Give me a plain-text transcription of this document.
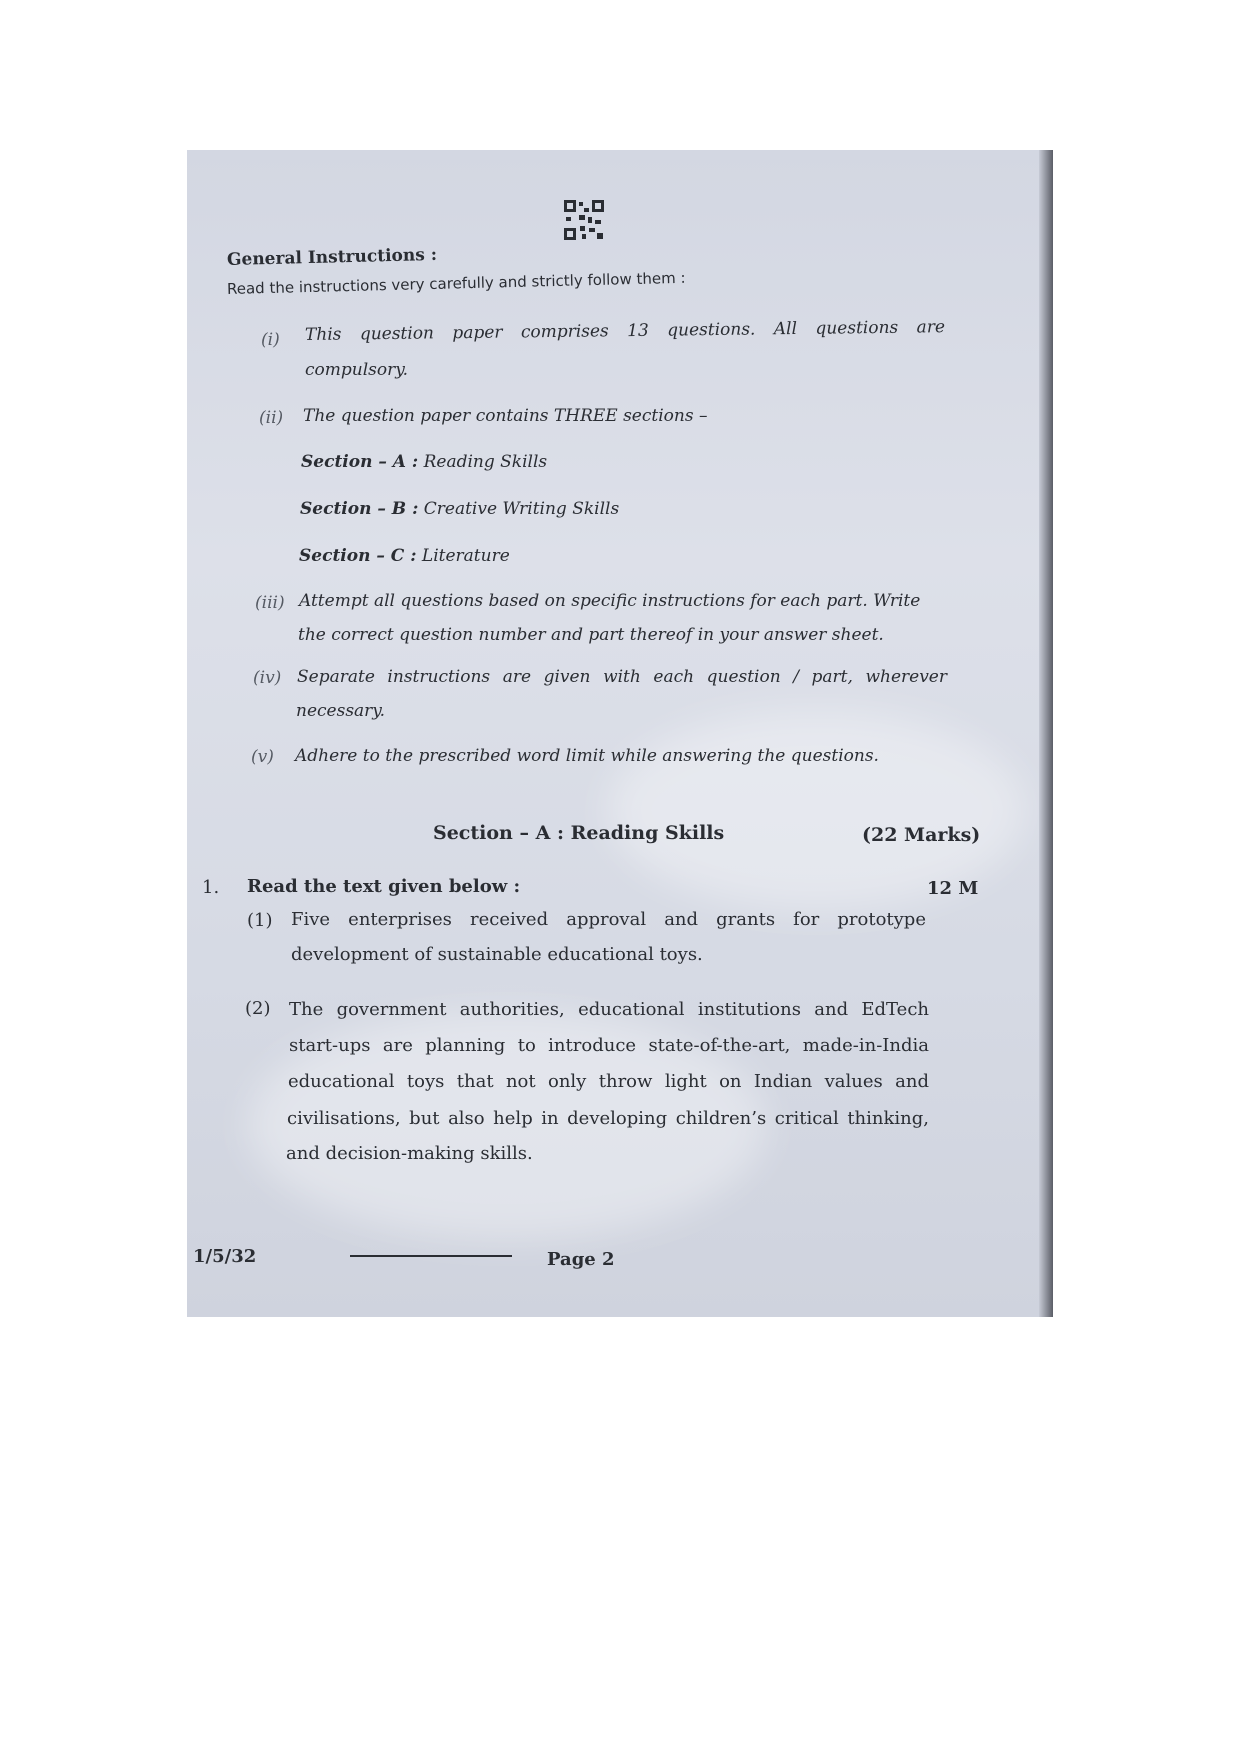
General Instructions :
Read the instructions very carefully and strictly follow them :
(i) This question paper comprises 13 questions. All questions are
compulsory.
(ii) The question paper contains THREE sections –
Section – A : Reading Skills
Section – B : Creative Writing Skills
Section – C : Literature
(iii) Attempt all questions based on specific instructions for each part. Write
the correct question number and part thereof in your answer sheet.
(iv) Separate instructions are given with each question / part, wherever
necessary.
(v) Adhere to the prescribed word limit while answering the questions.
Section – A : Reading Skills	(22 Marks)
1. Read the text given below :	12 M
(1) Five enterprises received approval and grants for prototype
development of sustainable educational toys.
(2) The government authorities, educational institutions and EdTech
start-ups are planning to introduce state-of-the-art, made-in-India
educational toys that not only throw light on Indian values and
civilisations, but also help in developing children’s critical thinking,
and decision-making skills.
1/5/32	Page 2
